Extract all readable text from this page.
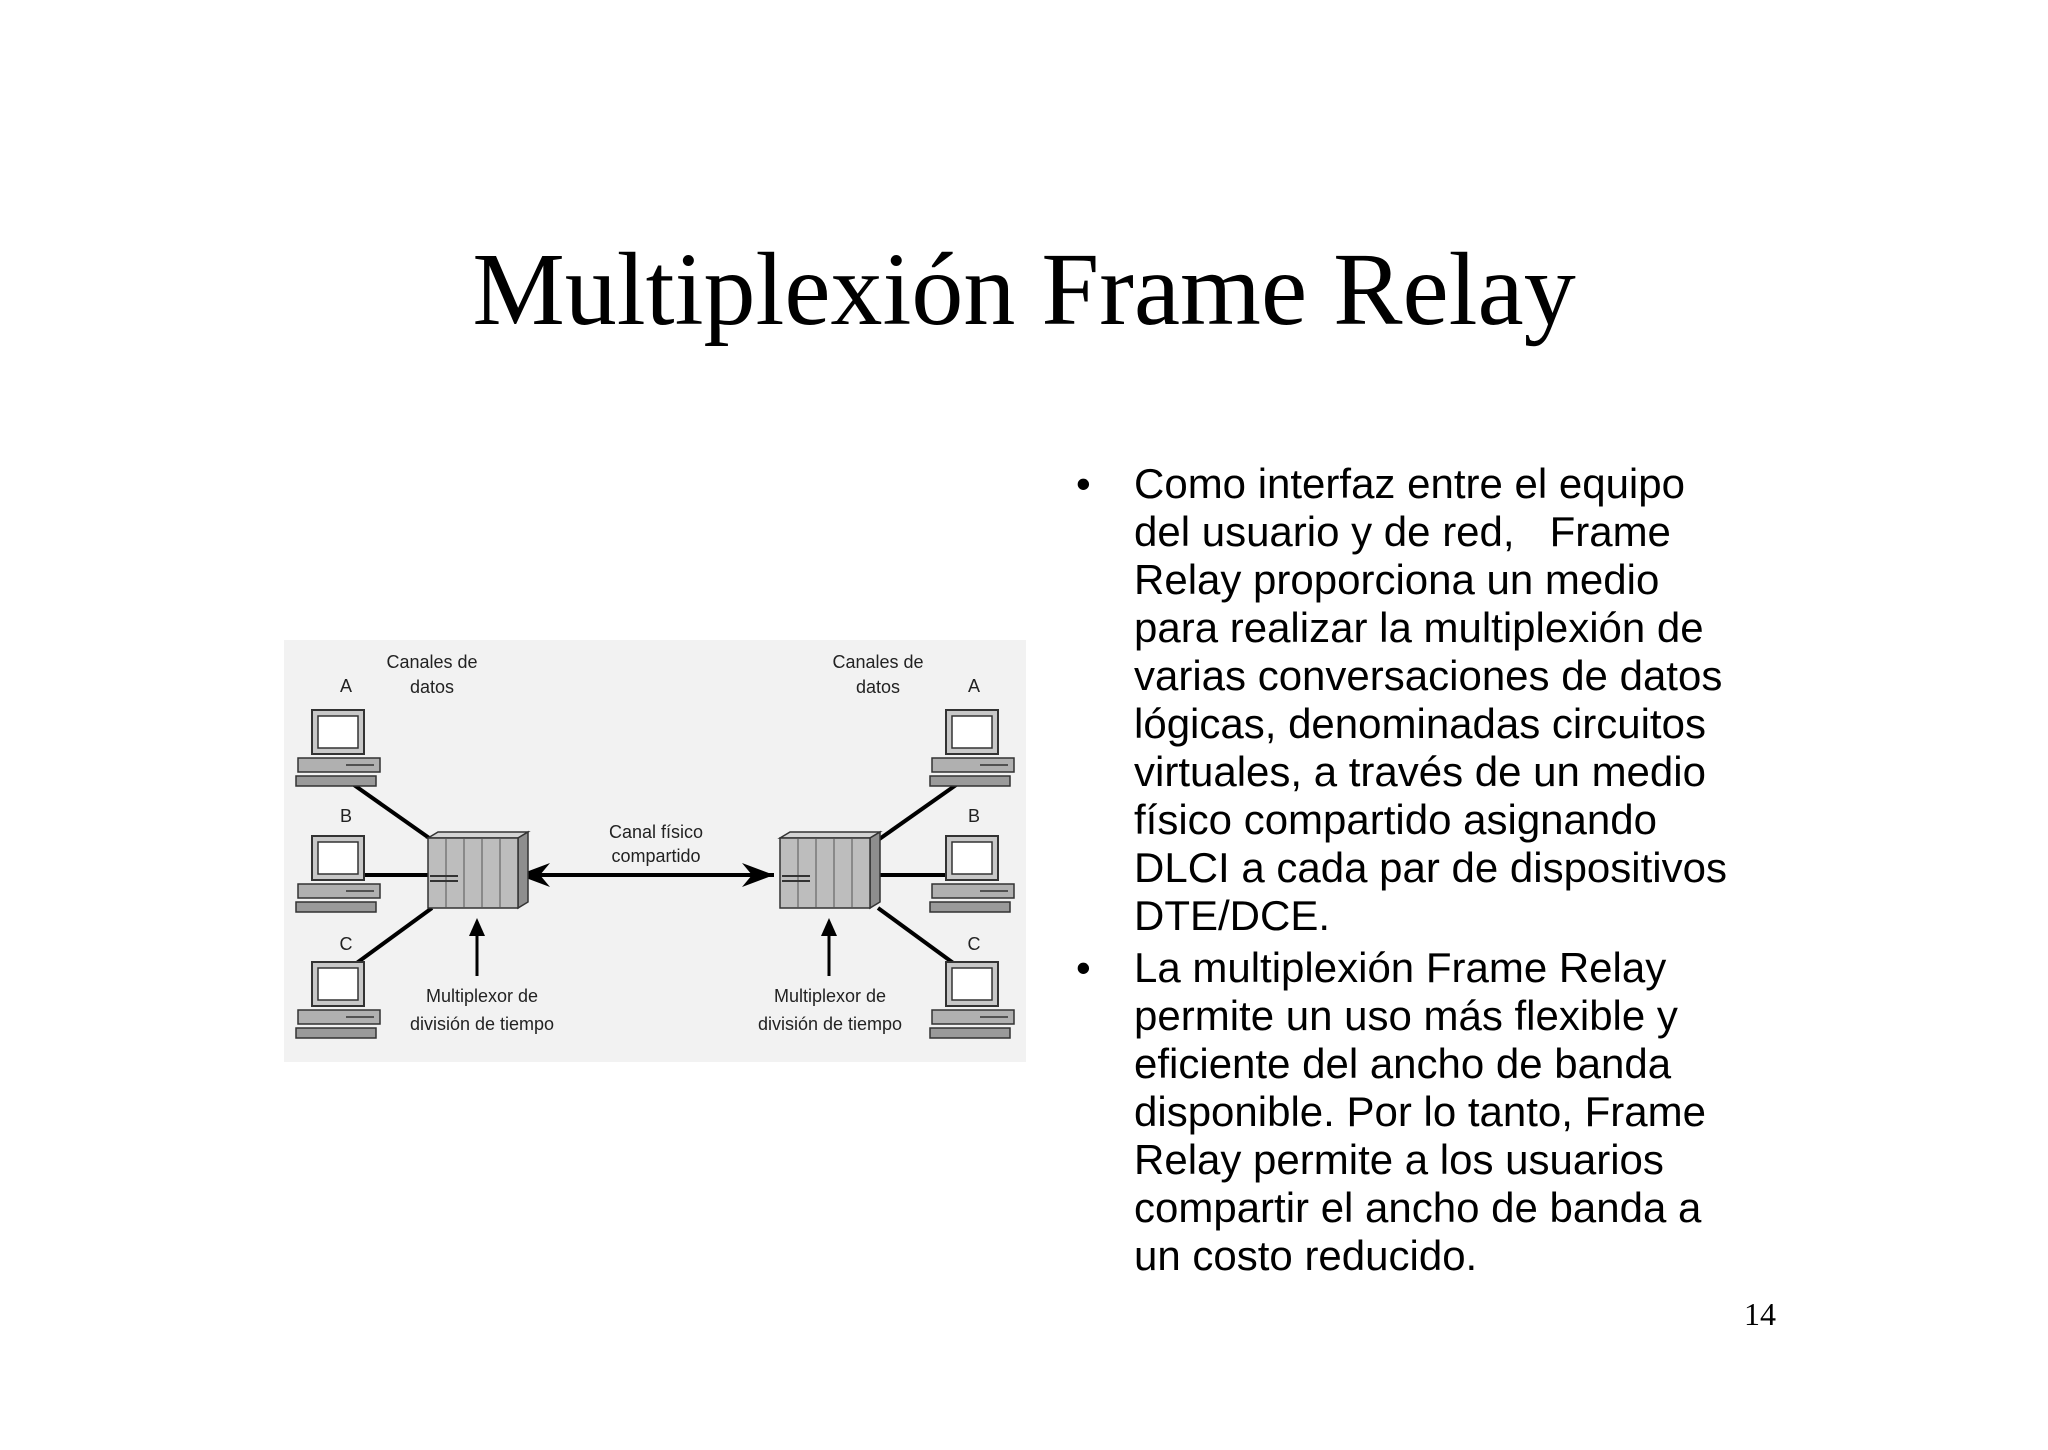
Multiplexión Frame Relay
Canales de
datos
Canales de
datos
A
B
C
A
B
C
Canal físico
compartido
Multiplexor de
división de tiempo
Multiplexor de
división de tiempo
• Como interfaz entre el equipo
del usuario y de red,   Frame
Relay proporciona un medio
para realizar la multiplexión de
varias conversaciones de datos
lógicas, denominadas circuitos
virtuales, a través de un medio
físico compartido asignando
DLCI a cada par de dispositivos
DTE/DCE.
• La multiplexión Frame Relay
permite un uso más flexible y
eficiente del ancho de banda
disponible. Por lo tanto, Frame
Relay permite a los usuarios
compartir el ancho de banda a
un costo reducido.
14
